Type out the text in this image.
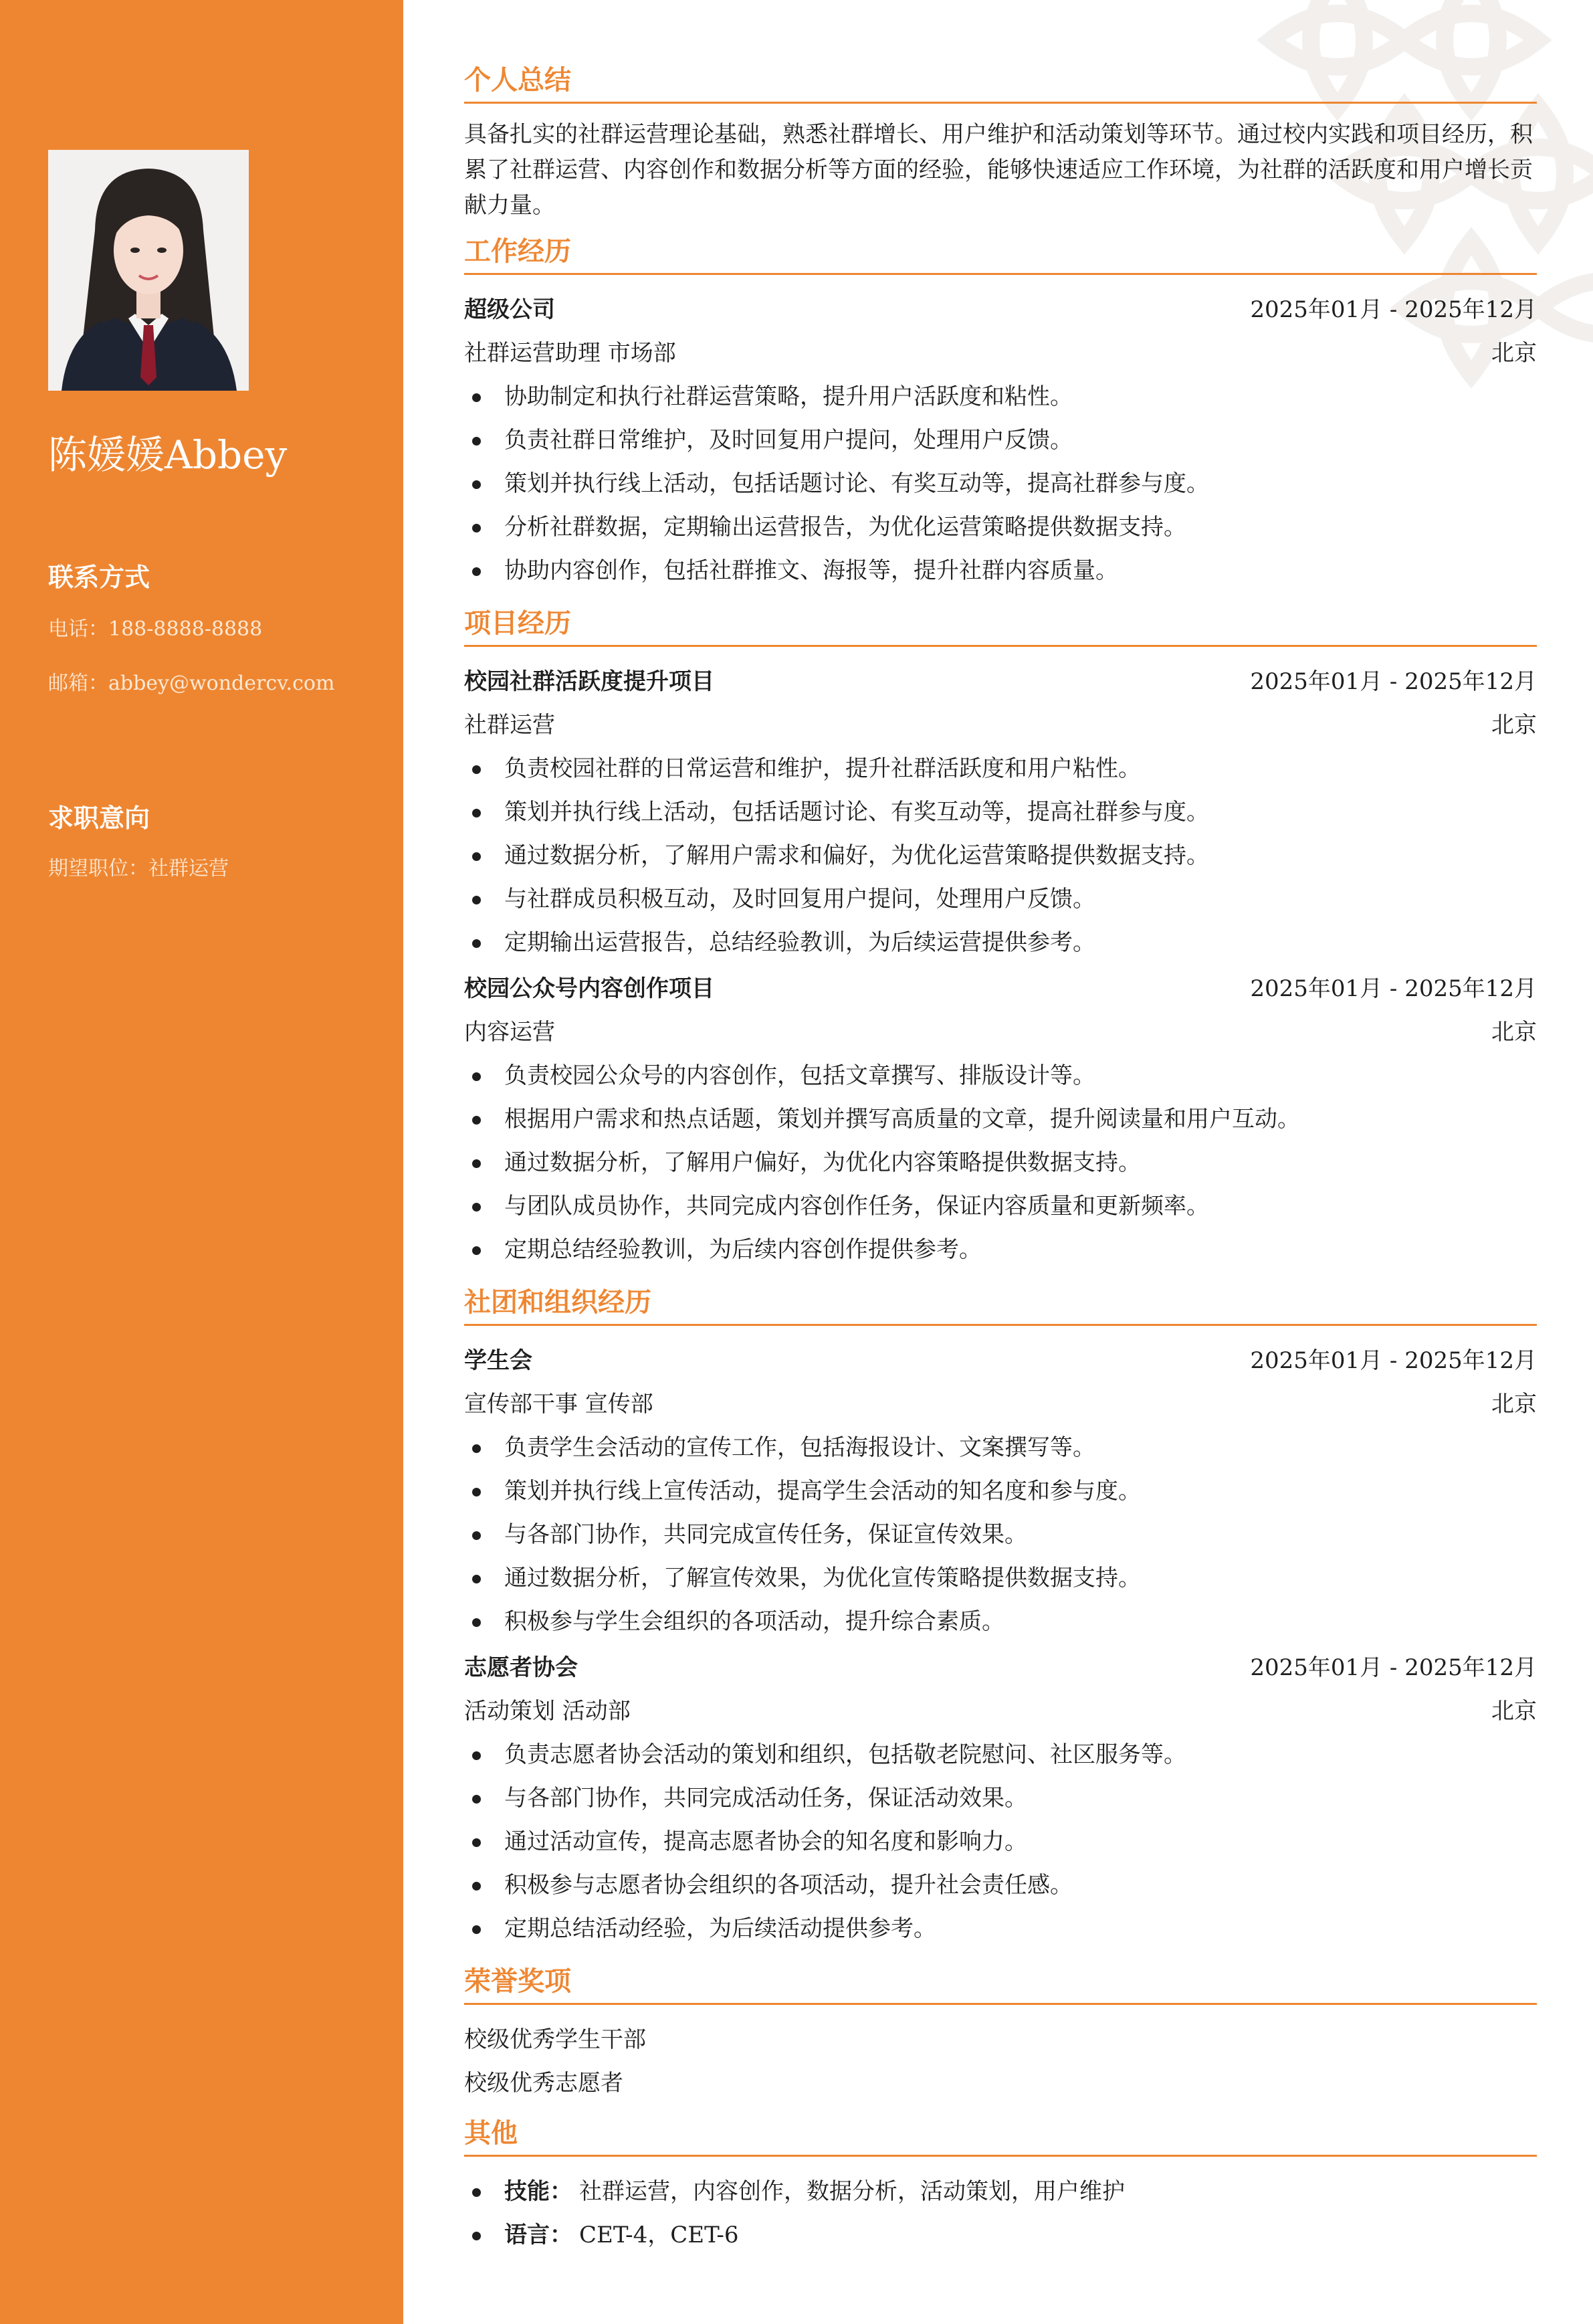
陈媛媛Abbey
联系方式
电话： 188-8888-8888
邮箱： abbey@wondercv.com
求职意向
期望职位： 社群运营
个人总结
具备扎实的社群运营理论基础，熟悉社群增长、用户维护和活动策划等环节。通过校内实践和项目经历，积累了社群运营、内容创作和数据分析等方面的经验，能够快速适应工作环境，为社群的活跃度和用户增长贡献力量。
工作经历
超级公司	2025年01月 - 2025年12月
社群运营助理 市场部	北京
协助制定和执行社群运营策略，提升用户活跃度和粘性。
负责社群日常维护，及时回复用户提问，处理用户反馈。
策划并执行线上活动，包括话题讨论、有奖互动等，提高社群参与度。
分析社群数据，定期输出运营报告，为优化运营策略提供数据支持。
协助内容创作，包括社群推文、海报等，提升社群内容质量。
项目经历
校园社群活跃度提升项目	2025年01月 - 2025年12月
社群运营	北京
负责校园社群的日常运营和维护，提升社群活跃度和用户粘性。
策划并执行线上活动，包括话题讨论、有奖互动等，提高社群参与度。
通过数据分析，了解用户需求和偏好，为优化运营策略提供数据支持。
与社群成员积极互动，及时回复用户提问，处理用户反馈。
定期输出运营报告，总结经验教训，为后续运营提供参考。
校园公众号内容创作项目	2025年01月 - 2025年12月
内容运营	北京
负责校园公众号的内容创作，包括文章撰写、排版设计等。
根据用户需求和热点话题，策划并撰写高质量的文章，提升阅读量和用户互动。
通过数据分析，了解用户偏好，为优化内容策略提供数据支持。
与团队成员协作，共同完成内容创作任务，保证内容质量和更新频率。
定期总结经验教训，为后续内容创作提供参考。
社团和组织经历
学生会	2025年01月 - 2025年12月
宣传部干事 宣传部	北京
负责学生会活动的宣传工作，包括海报设计、文案撰写等。
策划并执行线上宣传活动，提高学生会活动的知名度和参与度。
与各部门协作，共同完成宣传任务，保证宣传效果。
通过数据分析，了解宣传效果，为优化宣传策略提供数据支持。
积极参与学生会组织的各项活动，提升综合素质。
志愿者协会	2025年01月 - 2025年12月
活动策划 活动部	北京
负责志愿者协会活动的策划和组织，包括敬老院慰问、社区服务等。
与各部门协作，共同完成活动任务，保证活动效果。
通过活动宣传，提高志愿者协会的知名度和影响力。
积极参与志愿者协会组织的各项活动，提升社会责任感。
定期总结活动经验，为后续活动提供参考。
荣誉奖项
校级优秀学生干部
校级优秀志愿者
其他
技能： 社群运营，内容创作，数据分析，活动策划，用户维护
语言： CET-4，CET-6
